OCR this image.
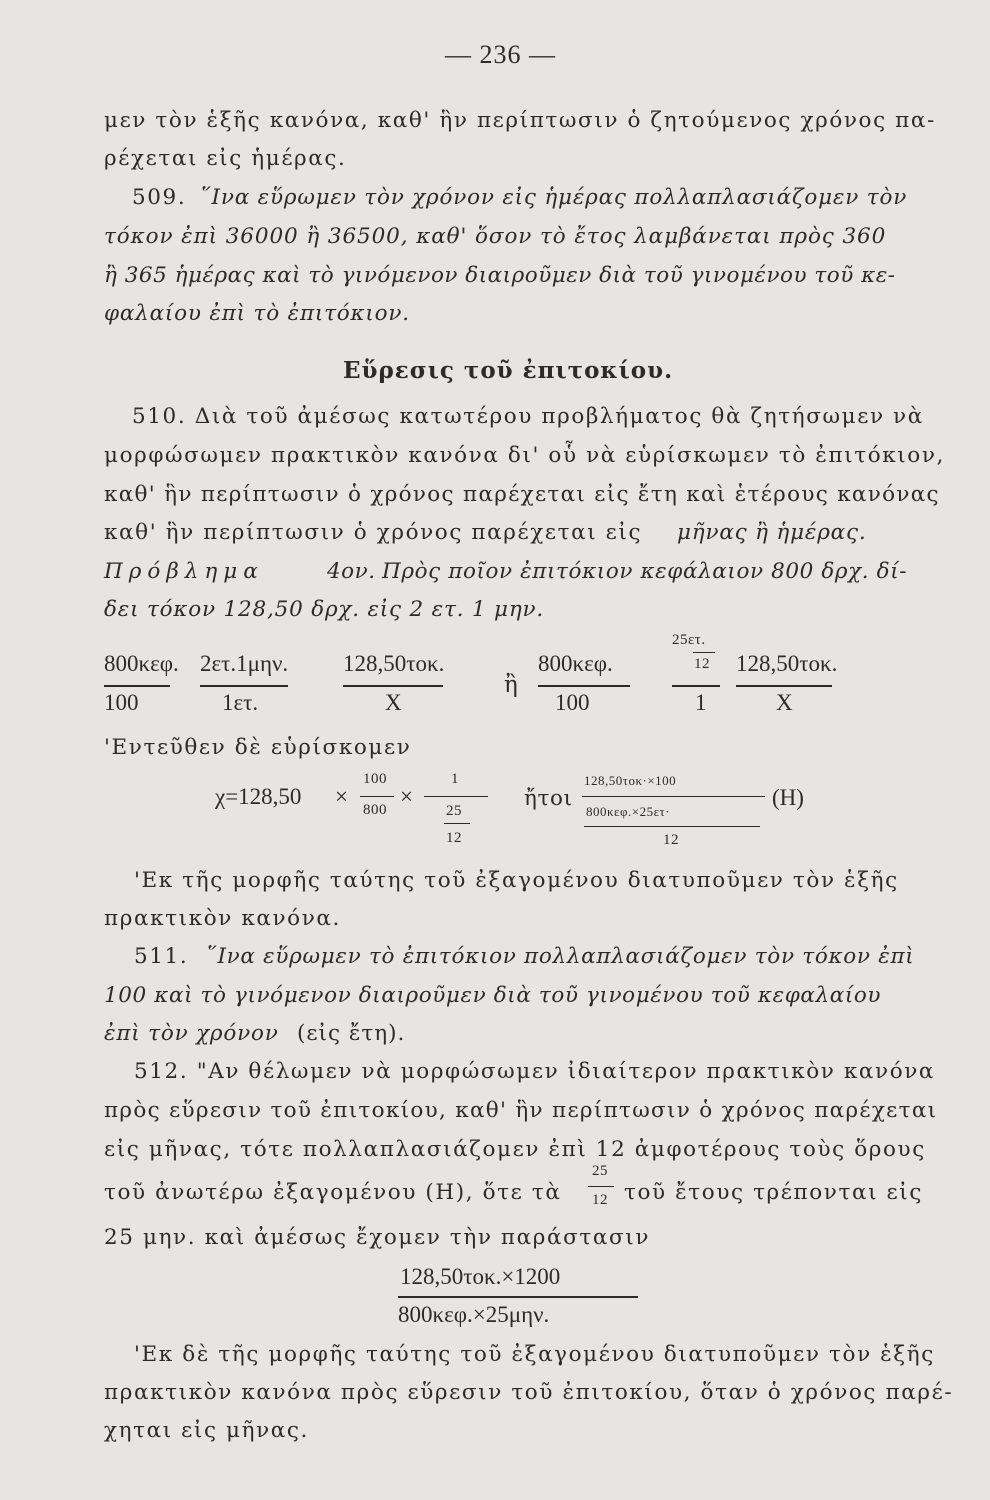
— 236 —
μεν τὸν ἑξῆς κανόνα, καθ' ἣν περίπτωσιν ὁ ζητούμενος χρόνος πα-
ρέχεται εἰς ἡμέρας.
509. ῞Ινα εὕρωμεν τὸν χρόνον εἰς ἡμέρας πολλαπλασιάζομεν τὸν
τόκον ἐπὶ 36000 ἢ 36500, καθ' ὅσον τὸ ἔτος λαμβάνεται πρὸς 360
ἢ 365 ἡμέρας καὶ τὸ γινόμενον διαιροῦμεν διὰ τοῦ γινομένου τοῦ κε-
φαλαίου ἐπὶ τὸ ἐπιτόκιον.
Εὕρεσις τοῦ ἐπιτοκίου.
510. Διὰ τοῦ ἀμέσως κατωτέρου προβλήματος θὰ ζητήσωμεν νὰ
μορφώσωμεν πρακτικὸν κανόνα δι' οὗ νὰ εὑρίσκωμεν τὸ ἐπιτόκιον,
καθ' ἣν περίπτωσιν ὁ χρόνος παρέχεται εἰς ἔτη καὶ ἑτέρους κανόνας
καθ' ἣν περίπτωσιν ὁ χρόνος παρέχεται εἰς μῆνας ἢ ἡμέρας.
Πρόβλημα	4ον. Πρὸς ποῖον ἐπιτόκιον κεφάλαιον 800 δρχ. δί-
δει τόκον 128,50 δρχ. εἰς 2 ετ. 1 μην.
800κεφ.
100
2ετ.1μην.
1ετ.
128,50τοκ.
X
ἢ
800κεφ.
100
25ετ.
12
1
128,50τοκ.
X
'Εντεῦθεν δὲ εὑρίσκομεν
χ=128,50 ×
100
800
×
1
25
12
ἤτοι
128,50τοκ·×100
800κεφ.×25ετ·
12
(Η)
'Εκ τῆς μορφῆς ταύτης τοῦ ἐξαγομένου διατυποῦμεν τὸν ἑξῆς
πρακτικὸν κανόνα.
511. ῞Ινα εὕρωμεν τὸ ἐπιτόκιον πολλαπλασιάζομεν τὸν τόκον ἐπὶ
100 καὶ τὸ γινόμενον διαιροῦμεν διὰ τοῦ γινομένου τοῦ κεφαλαίου
ἐπὶ τὸν χρόνον (εἰς ἔτη).
512. "Αν θέλωμεν νὰ μορφώσωμεν ἰδιαίτερον πρακτικὸν κανόνα
πρὸς εὕρεσιν τοῦ ἐπιτοκίου, καθ' ἣν περίπτωσιν ὁ χρόνος παρέχεται
εἰς μῆνας, τότε πολλαπλασιάζομεν ἐπὶ 12 ἀμφοτέρους τοὺς ὅρους
τοῦ ἀνωτέρω ἐξαγομένου (Η), ὅτε τὰ
25
12 τοῦ ἔτους τρέπονται εἰς
25 μην. καὶ ἀμέσως ἔχομεν τὴν παράστασιν
128,50τοκ.×1200
800κεφ.×25μην.
'Εκ δὲ τῆς μορφῆς ταύτης τοῦ ἐξαγομένου διατυποῦμεν τὸν ἑξῆς
πρακτικὸν κανόνα πρὸς εὕρεσιν τοῦ ἐπιτοκίου, ὅταν ὁ χρόνος παρέ-
χηται εἰς μῆνας.
